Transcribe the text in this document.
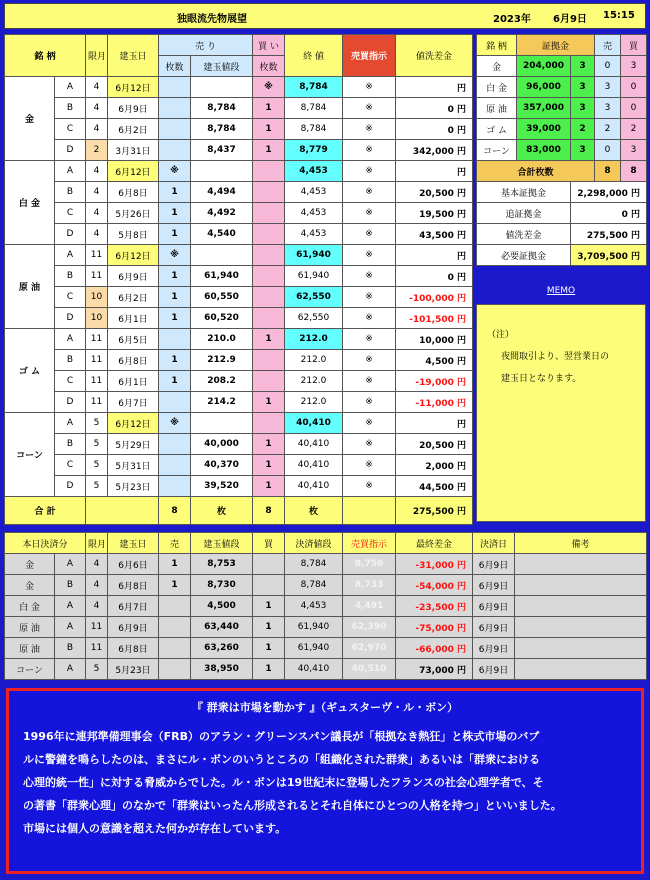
独眼流先物展望	2023年 6月9日 15:15
銘 柄		限月	建玉日	売 り		買 い	終 値	売買指示	値洗差金
				枚数	建玉値段	枚数			
金	A	4	6月12日			※	8,784	※	円
	B	4	6月9日		8,784	1	8,784	※	0 円
	C	4	6月2日		8,784	1	8,784	※	0 円
	D	2	3月31日		8,437	1	8,779	※	342,000 円
白 金	A	4	6月12日	※			4,453	※	円
	B	4	6月8日	1	4,494		4,453	※	20,500 円
	C	4	5月26日	1	4,492		4,453	※	19,500 円
	D	4	5月8日	1	4,540		4,453	※	43,500 円
原 油	A	11	6月12日	※			61,940	※	円
	B	11	6月9日	1	61,940		61,940	※	0 円
	C	10	6月2日	1	60,550		62,550	※	-100,000 円
	D	10	6月1日	1	60,520		62,550	※	-101,500 円
ゴ ム	A	11	6月5日		210.0	1	212.0	※	10,000 円
	B	11	6月8日	1	212.9		212.0	※	4,500 円
	C	11	6月1日	1	208.2		212.0	※	-19,000 円
	D	11	6月7日		214.2	1	212.0	※	-11,000 円
コーン	A	5	6月12日	※			40,410	※	円
	B	5	5月29日		40,000	1	40,410	※	20,500 円
	C	5	5月31日		40,370	1	40,410	※	2,000 円
	D	5	5月23日		39,520	1	40,410	※	44,500 円
合 計				8	枚	8	枚		275,500 円
銘 柄	証拠金		売	買
金	204,000	3	0	3
白 金	96,000	3	3	0
原 油	357,000	3	3	0
ゴ ム	39,000	2	2	2
コーン	83,000	3	0	3
合計枚数			8	8
基本証拠金		2,298,000 円		
追証拠金		0 円		
値洗差金		275,500 円		
必要証拠金		3,709,500 円		
MEMO
（注）
夜間取引より、翌営業日の
建玉日となります。
本日決済分		限月	建玉日	売	建玉値段	買	決済値段	売買指示	最終差金	決済日	備考
金	A	4	6月6日	1	8,753		8,784	8,756	-31,000 円	6月9日	
金	B	4	6月8日	1	8,730		8,784	8,733	-54,000 円	6月9日	
白 金	A	4	6月7日		4,500	1	4,453	4,491	-23,500 円	6月9日	
原 油	A	11	6月9日		63,440	1	61,940	62,390	-75,000 円	6月9日	
原 油	B	11	6月8日		63,260	1	61,940	62,970	-66,000 円	6月9日	
コーン	A	5	5月23日		38,950	1	40,410	40,510	73,000 円	6月9日	
『 群衆は市場を動かす 』（ギュスターヴ・ル・ボン）

1996年に連邦準備理事会（FRB）のアラン・グリーンスパン議長が「根拠なき熱狂」と株式市場のバブ

ルに警鐘を鳴らしたのは、まさにル・ボンのいうところの「組織化された群衆」あるいは「群衆における

心理的統一性」に対する脅威からでした。ル・ボンは19世紀末に登場したフランスの社会心理学者で、そ

の著書「群衆心理」のなかで「群衆はいったん形成されるとそれ自体にひとつの人格を持つ」といいました。

市場には個人の意識を超えた何かが存在しています。
